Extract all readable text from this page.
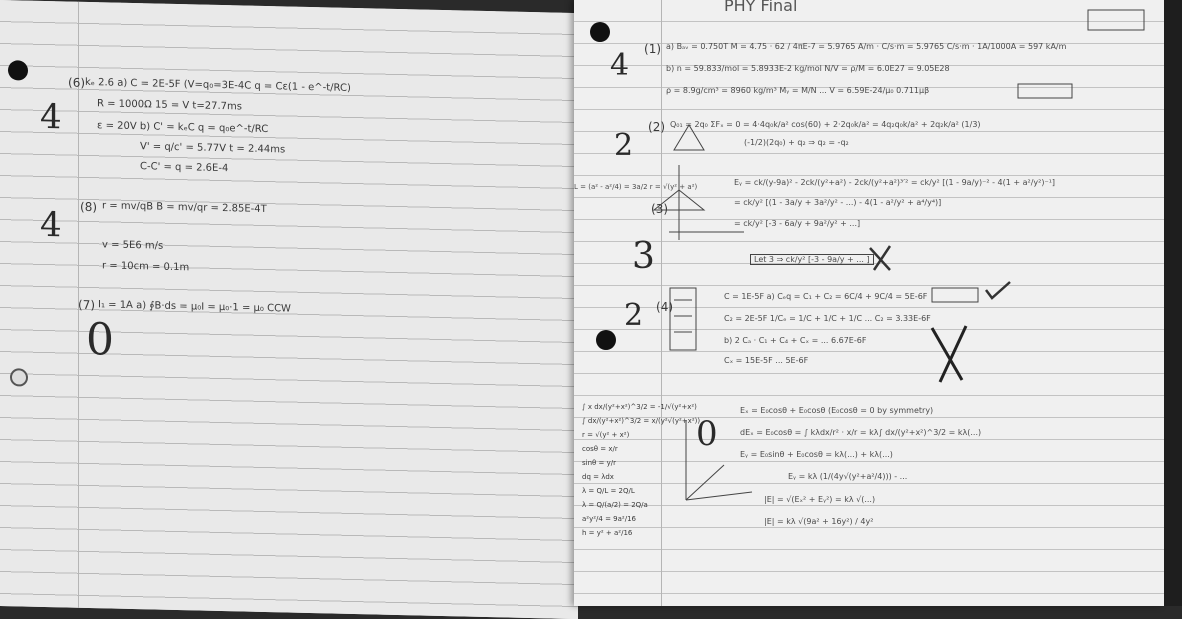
4
(6) kₑ 2.6 a) C = 2E-5F (V=q₀=3E-4C q = Cε(1 - e^-t/RC)
R = 1000Ω 15 = V t=27.7ms
ε = 20V b) C' = kₑC q = q₀e^-t/RC
V' = q/c' = 5.77V t = 2.44ms
C-C' = q = 2.6E-4
4 (8) r = mv/qB B = mv/qr = 2.85E-4T
v = 5E6 m/s
r = 10cm = 0.1m
(7) I₁ = 1A a) ∮B·ds = μ₀I = μ₀·1 = μ₀ CCW
0
PHY Final
4 (1) a) Bₐᵥ = 0.750T M = 4.75 · 62 / 4πE-7 = 5.9765 A/m · C/s·m = 5.9765 C/s·m · 1A/1000A = 597 kA/m
b) n = 59.833/mol = 5.8933E-2 kg/mol N/V = ρ/M = 6.0E27 = 9.05E28
ρ = 8.9g/cm³ = 8960 kg/m³ Mᵧ = M/N ... V = 6.59E-24/μ₀ 0.711μβ
2
(2) Q₀₁ = 2q₀ ΣFₓ = 0 = 4·4q₀k/a² cos(60) + 2·2q₀k/a² = 4q₂q₀k/a² + 2q₂k/a² (1/3)
(-1/2)(2q₀) + q₂ ⇒ q₂ = -q₂
3
(3)
Eᵧ = ck/(y-9a)² - 2ck/(y²+a²) - 2ck/(y²+a²)³′² = ck/y² [(1 - 9a/y)⁻² - 4(1 + a²/y²)⁻¹]
= ck/y² [(1 - 3a/y + 3a²/y² - ...) - 4(1 - a²/y² + a⁴/y⁴)]
= ck/y² [-3 - 6a/y + 9a²/y² + ...]
Let 3 ⇒ ck/y² [-3 - 9a/y + ... ]
L = (a² - a²/4) = 3a/2 r = √(y² + a²)
2 (4)
C = 1E-5F a) Cₑq = C₁ + C₂ = 6C/4 + 9C/4 = 5E-6F
C₂ = 2E-5F 1/Cₑ = 1/C + 1/C + 1/C ... C₂ = 3.33E-6F
b) 2 Cₐ · C₁ + C₄ + Cₓ = ... 6.67E-6F
Cₓ = 15E-5F ... 5E-6F
0
Eₓ = E₀cosθ + E₀cosθ (E₀cosθ = 0 by symmetry)
dEₓ = E₀cosθ = ∫ kλdx/r² · x/r = kλ∫ dx/(y²+x²)^3/2 = kλ(...)
Eᵧ = E₀sinθ + E₀cosθ = kλ(...) + kλ(...)
Eᵧ = kλ (1/(4y√(y²+a²/4))) - ...
|E| = √(Eₓ² + Eᵧ²) = kλ √(...)
|E| = kλ √(9a² + 16y²) / 4y²
∫ x dx/(y²+x²)^3/2 = -1/√(y²+x²)
∫ dx/(y²+x²)^3/2 = x/(y²√(y²+x²))
r = √(y² + x²)
cosθ = x/r
sinθ = y/r
dq = λdx
λ = Q/L = 2Q/L
λ = Q/(a/2) = 2Q/a
a²y²/4 = 9a²/16
h = y² + a²/16
